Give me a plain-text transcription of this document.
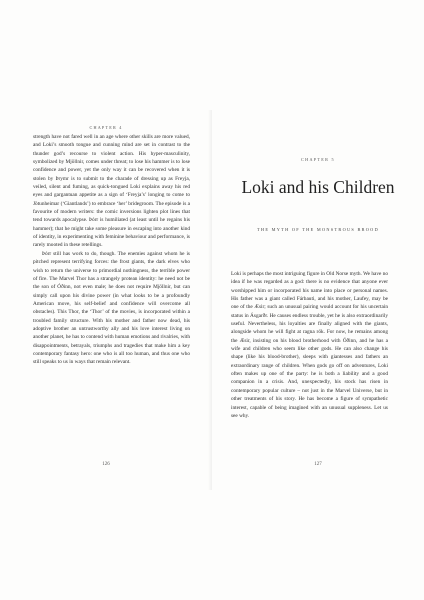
CHAPTER 4

strength have not fared well in an age where other skills are more valued, and Loki’s smooth tongue and cunning mind are set in contrast to the thunder god’s recourse to violent action. His hyper-masculinity, symbolized by Mjöllnir, comes under threat; to lose his hammer is to lose confidence and power, yet the only way it can be recovered when it is stolen by Þrymr is to submit to the charade of dressing up as Freyja, veiled, silent and fuming, as quick-tongued Loki explains away his red eyes and gargantuan appetite as a sign of ‘Freyja’s’ longing to come to Jötunheimar (‘Giantlands’) to embrace ‘her’ bridegroom. The episode is a favourite of modern writers: the comic inversions lighten plot lines that tend towards apocalypse. Þórr is humiliated (at least until he regains his hammer); that he might take some pleasure in escaping into another kind of identity, in experimenting with feminine behaviour and performance, is rarely mooted in these retellings.

Þórr still has work to do, though. The enemies against whom he is pitched represent terrifying forces: the frost giants, the dark elves who wish to return the universe to primordial nothingness, the terrible power of fire. The Marvel Thor has a strangely protean identity: he need not be the son of Óðinn, not even male; he does not require Mjöllnir, but can simply call upon his divine power (in what looks to be a profoundly American move, his self-belief and confidence will overcome all obstacles). This Thor, the ‘Thor’ of the movies, is incorporated within a troubled family structure. With his mother and father now dead, his adoptive brother an untrustworthy ally and his love interest living on another planet, he has to contend with human emotions and rivalries, with disappointments, betrayals, triumphs and tragedies that make him a key contemporary fantasy hero: one who is all too human, and thus one who still speaks to us in ways that remain relevant.

126
CHAPTER 5
Loki and his Children
THE MYTH OF THE MONSTROUS BROOD

Loki is perhaps the most intriguing figure in Old Norse myth. We have no idea if he was regarded as a god: there is no evidence that anyone ever worshipped him or incorporated his name into place or personal names. His father was a giant called Fárbauti, and his mother, Laufey, may be one of the Æsir; such an unusual pairing would account for his uncertain status in Ásgarðr. He causes endless trouble, yet he is also extraordinarily useful. Nevertheless, his loyalties are finally aligned with the giants, alongside whom he will fight at ragna rök. For now, he remains among the Æsir, insisting on his blood brotherhood with Óðinn, and he has a wife and children who seem like other gods. He can also change his shape (like his blood-brother), sleeps with giantesses and fathers an extraordinary range of children. When gods go off on adventures, Loki often makes up one of the party: he is both a liability and a good companion in a crisis. And, unexpectedly, his stock has risen in contemporary popular culture – not just in the Marvel Universe, but in other treatments of his story. He has become a figure of sympathetic interest, capable of being imagined with an unusual suppleness. Let us see why.

127
